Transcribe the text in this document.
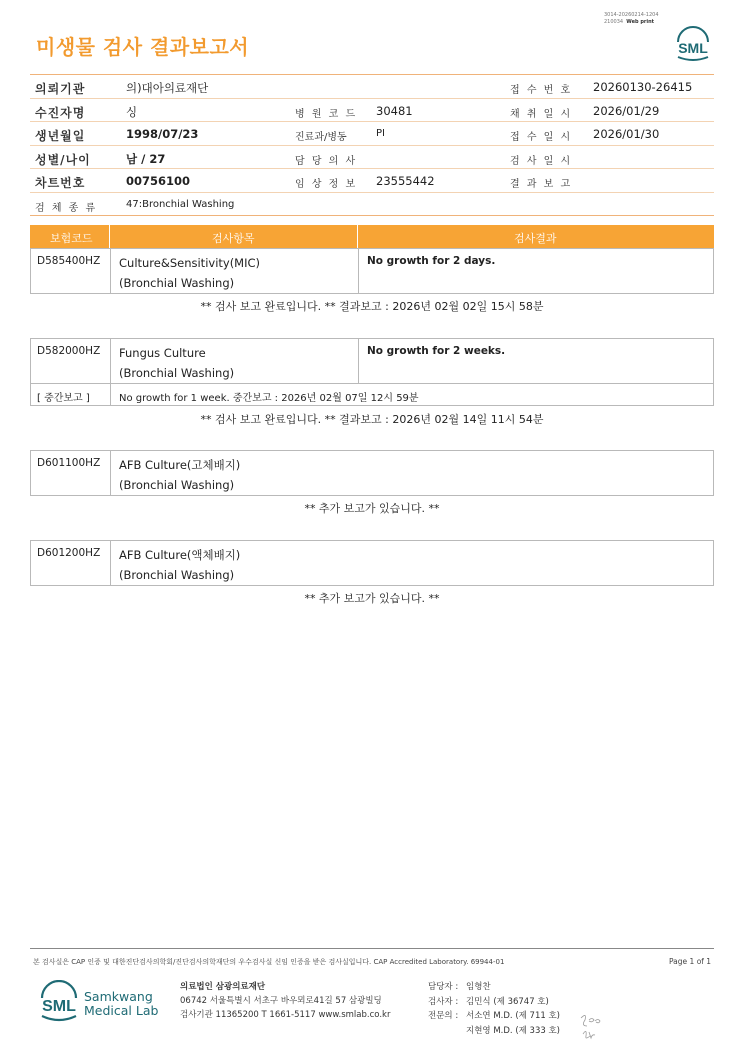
3014-20260214-1204
210034 Web print
미생물 검사 결과보고서	SML
의뢰기관	의)대아의료재단	접 수 번 호 20260130-26415
수진자명	싱	병 원 코 드 30481	채 취 일 시 2026/01/29
생년월일	1998/07/23	진료과/병동	PI	접 수 일 시 2026/01/30
성별/나이	남 / 27	담 당 의 사	검 사 일 시
차트번호	00756100	임 상 정 보 23555442	결 과 보 고
검 체 종 류	47:Bronchial Washing
보험코드	검사항목	검사결과
D585400HZ Culture&Sensitivity(MIC)
(Bronchial Washing)
No growth for 2 days.
** 검사 보고 완료입니다. ** 결과보고 : 2026년 02월 02일 15시 58분
D582000HZ Fungus Culture
(Bronchial Washing)
No growth for 2 weeks.
[ 중간보고 ]	No growth for 1 week. 중간보고 : 2026년 02월 07일 12시 59분
** 검사 보고 완료입니다. ** 결과보고 : 2026년 02월 14일 11시 54분
D601100HZ AFB Culture(고체배지)
(Bronchial Washing)
** 추가 보고가 있습니다. **
D601200HZ AFB Culture(액체배지)
(Bronchial Washing)
** 추가 보고가 있습니다. **
본 검사실은 CAP 인증 및 대한진단검사의학회/진단검사의학재단의 우수검사실 신임 인증을 받은 검사실입니다. CAP Accredited Laboratory. 69944-01	Page 1 of 1
SML
Samkwang
Medical Lab
의료법인 삼광의료재단
06742 서울특별시 서초구 바우뫼로41길 57 삼광빌딩
검사기관 11365200 T 1661-5117 www.smlab.co.kr
담당자 : 임형찬
검사자 : 김민식 (제 36747 호)
전문의 : 서소연 M.D. (제 711 호)
지현영 M.D. (제 333 호)
